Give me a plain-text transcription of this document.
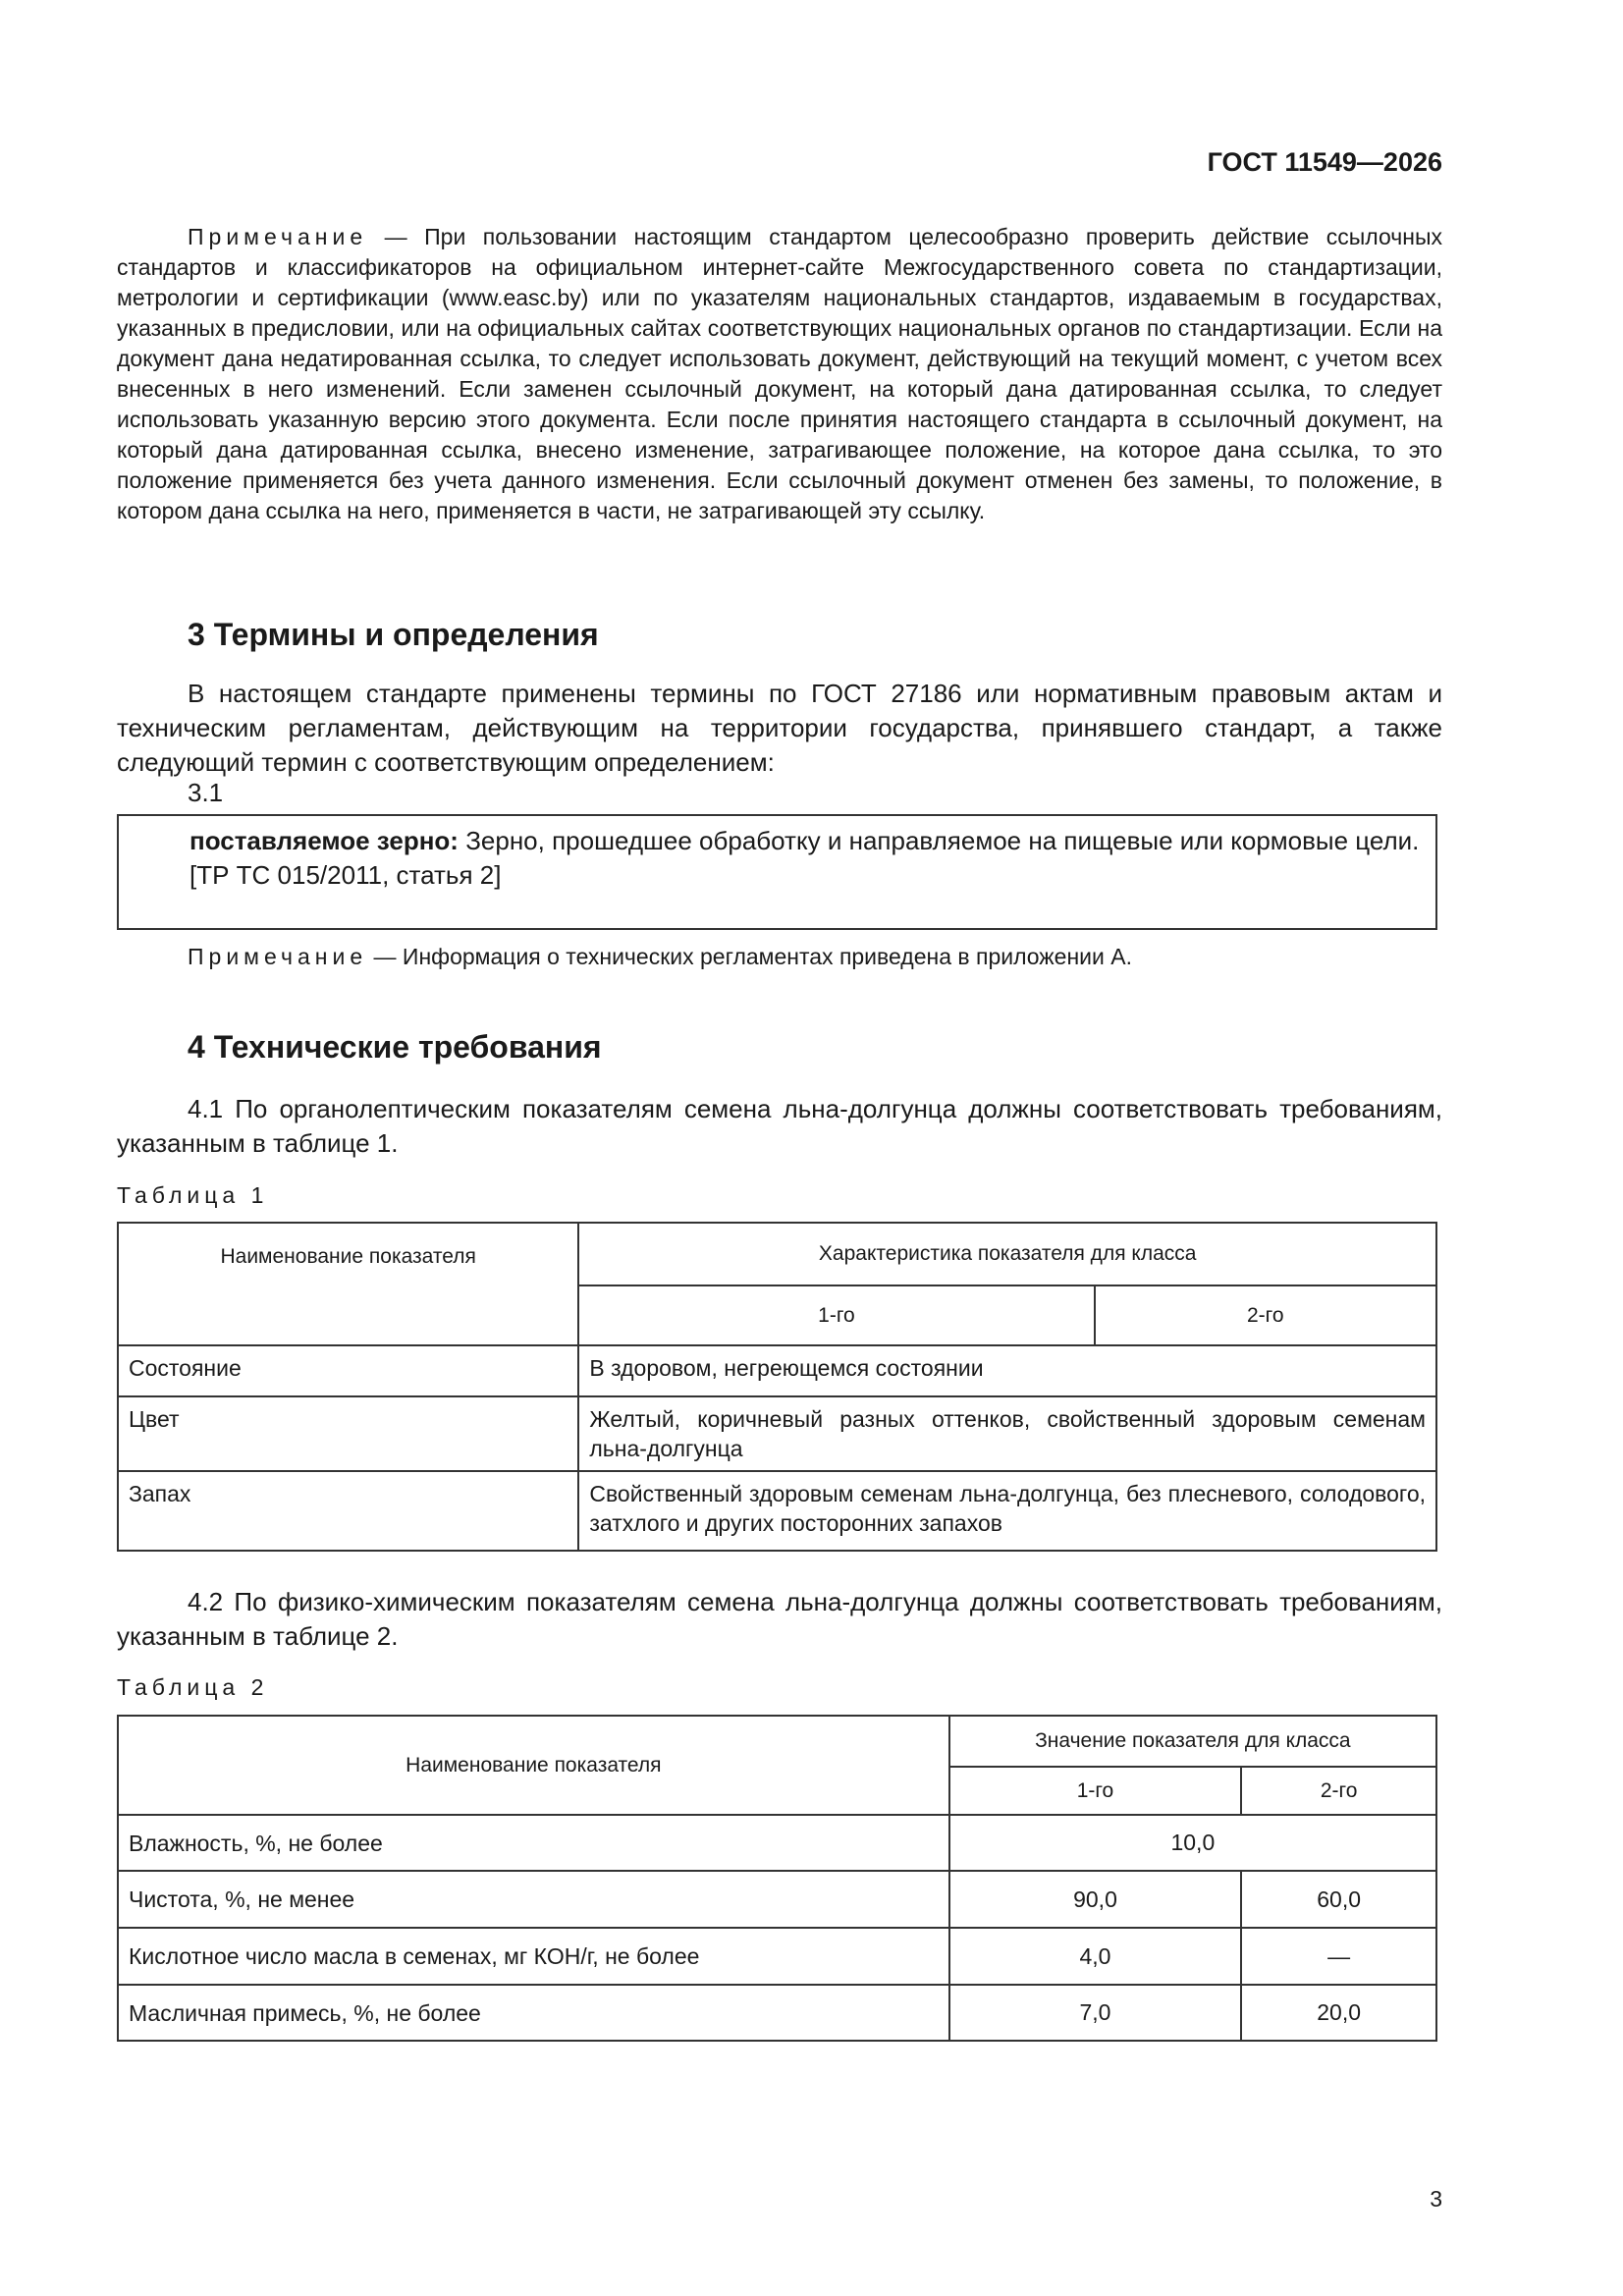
ГОСТ 11549—2026
Примечание — При пользовании настоящим стандартом целесообразно проверить действие ссылочных стандартов и классификаторов на официальном интернет-сайте Межгосударственного совета по стандартизации, метрологии и сертификации (www.easc.by) или по указателям национальных стандартов, издаваемым в государствах, указанных в предисловии, или на официальных сайтах соответствующих национальных органов по стандартизации. Если на документ дана недатированная ссылка, то следует использовать документ, действующий на текущий момент, с учетом всех внесенных в него изменений. Если заменен ссылочный документ, на который дана датированная ссылка, то следует использовать указанную версию этого документа. Если после принятия настоящего стандарта в ссылочный документ, на который дана датированная ссылка, внесено изменение, затрагивающее положение, на которое дана ссылка, то это положение применяется без учета данного изменения. Если ссылочный документ отменен без замены, то положение, в котором дана ссылка на него, применяется в части, не затрагивающей эту ссылку.
3 Термины и определения
В настоящем стандарте применены термины по ГОСТ 27186 или нормативным правовым актам и техническим регламентам, действующим на территории государства, принявшего стандарт, а также следующий термин с соответствующим определением:
3.1
поставляемое зерно: Зерно, прошедшее обработку и направляемое на пищевые или кормовые цели.
[ТР ТС 015/2011, статья 2]
Примечание — Информация о технических регламентах приведена в приложении А.
4 Технические требования
4.1 По органолептическим показателям семена льна-долгунца должны соответствовать требованиям, указанным в таблице 1.
Таблица 1
Наименование показателя	Характеристика показателя для класса	
	1-го	2-го
Состояние	В здоровом, негреющемся состоянии	
Цвет	Желтый, коричневый разных оттенков, свойственный здоровым семенам льна-долгунца	
Запах	Свойственный здоровым семенам льна-долгунца, без плесневого, солодового, затхлого и других посторонних запахов	
4.2 По физико-химическим показателям семена льна-долгунца должны соответствовать требованиям, указанным в таблице 2.
Таблица 2
Наименование показателя	Значение показателя для класса	
	1-го	2-го
Влажность, %, не более	10,0	
Чистота, %, не менее	90,0	60,0
Кислотное число масла в семенах, мг КОН/г, не более	4,0	—
Масличная примесь, %, не более	7,0	20,0
3
